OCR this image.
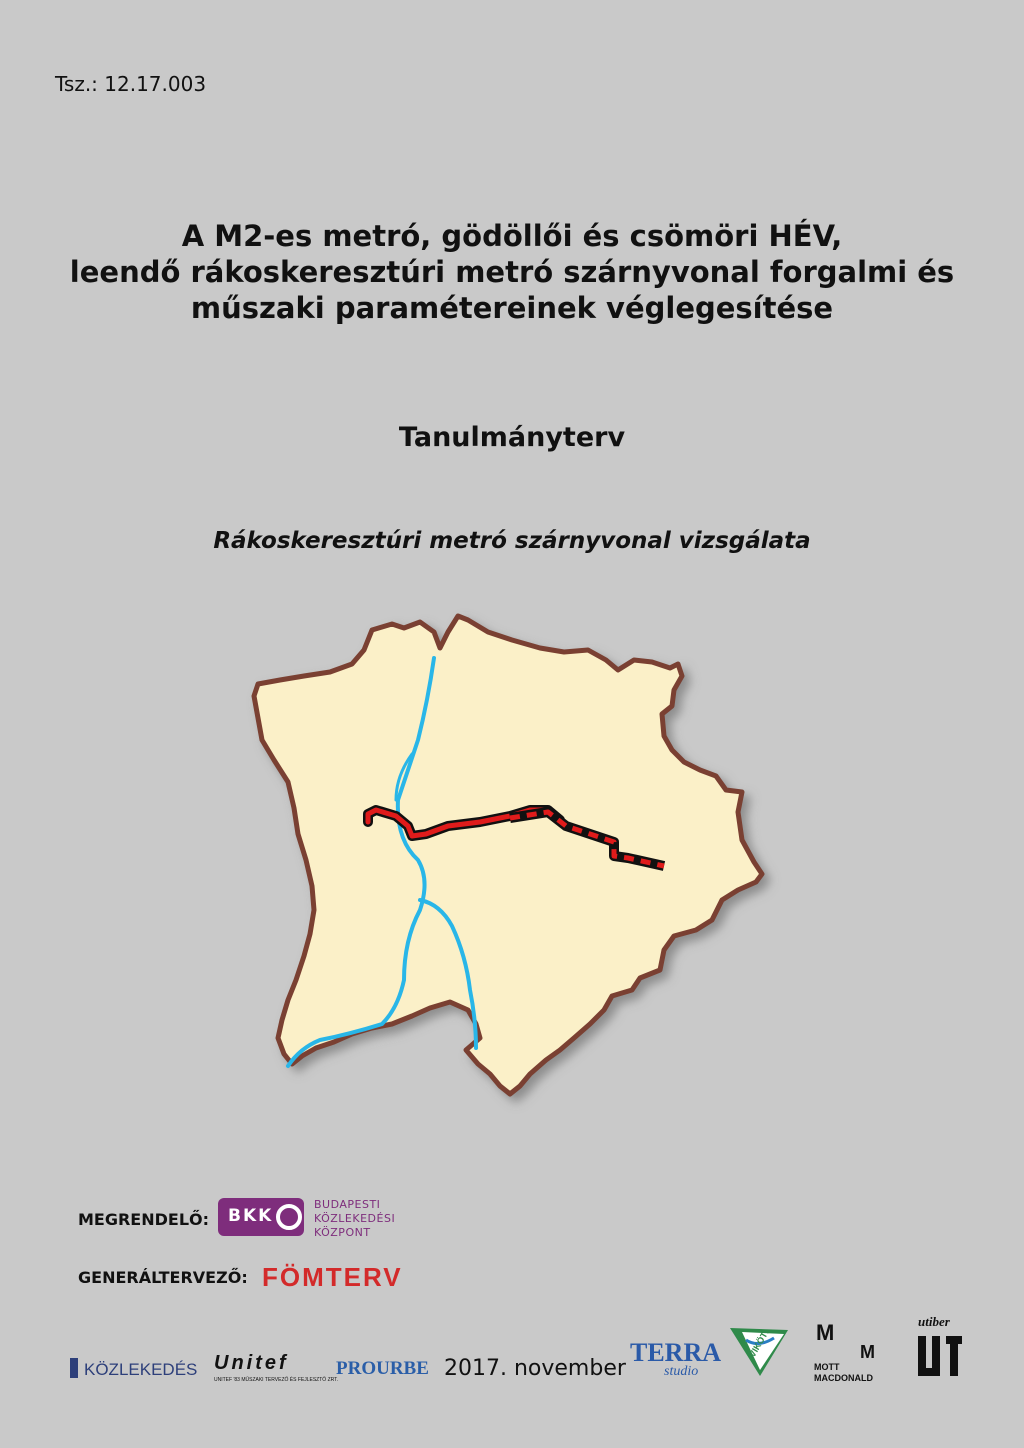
Tsz.: 12.17.003
A M2-es metró, gödöllői és csömöri HÉV,
leendő rákoskeresztúri metró szárnyvonal forgalmi és
műszaki paramétereinek véglegesítése
Tanulmányterv
Rákoskeresztúri metró szárnyvonal vizsgálata
MEGRENDELŐ: BKK
BUDAPESTI
KÖZLEKEDÉSI
KÖZPONT
GENERÁLTERVEZŐ: FÖMTERV
KÖZLEKEDÉS Unitef
UNITEF '83 MŰSZAKI TERVEZŐ ÉS FEJLESZTŐ ZRT.
PROURBE 2017. november
TERRA
studio
VIKÖTI M
M
MOTT
MACDONALD
utiber
